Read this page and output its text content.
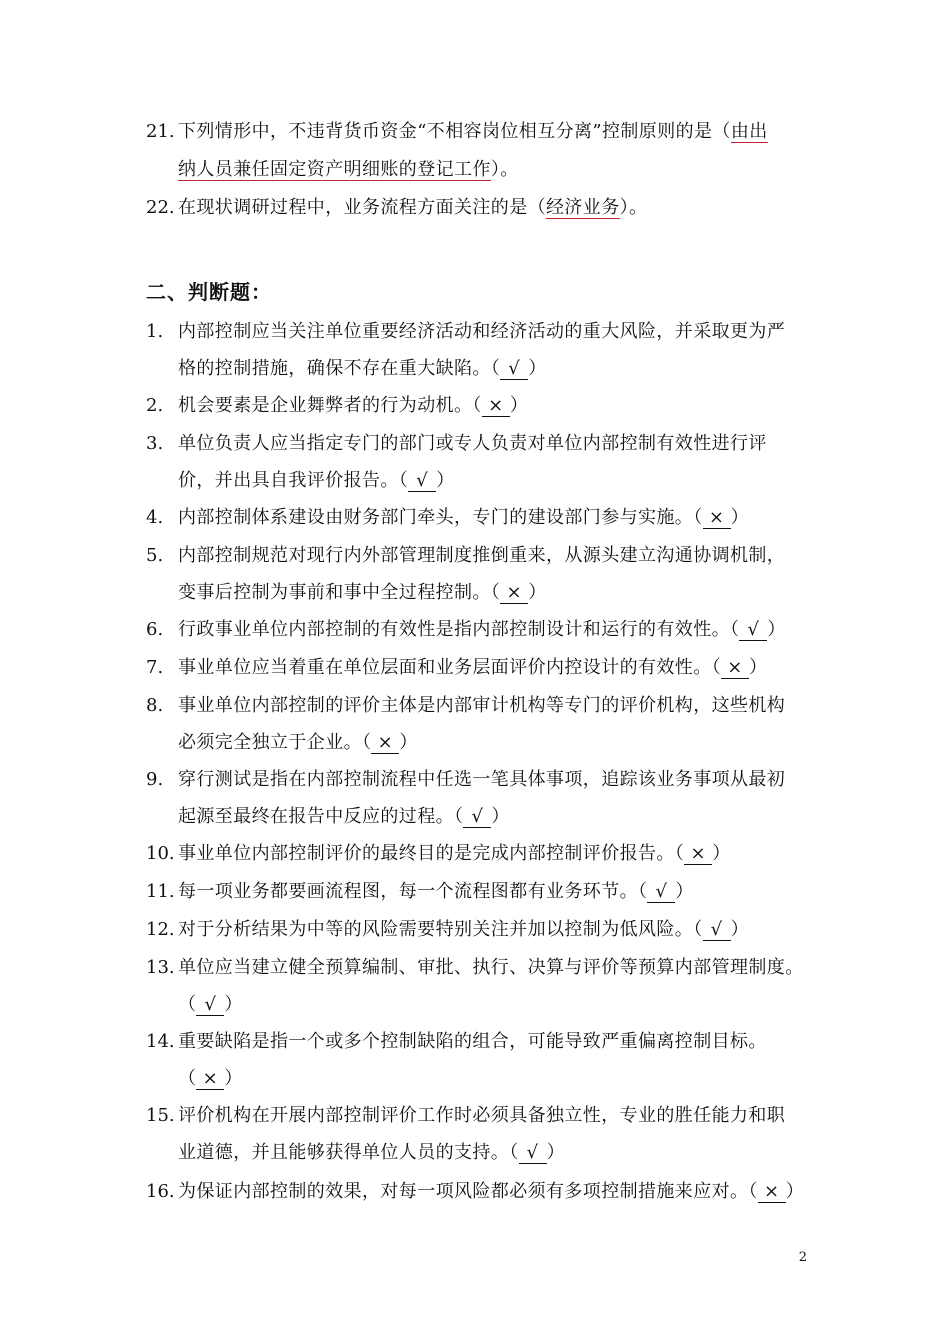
21. 下列情形中，不违背货币资金“不相容岗位相互分离”控制原则的是（由出
纳人员兼任固定资产明细账的登记工作）。
22. 在现状调研过程中，业务流程方面关注的是（经济业务）。
二、判断题：
1. 内部控制应当关注单位重要经济活动和经济活动的重大风险，并采取更为严
格的控制措施，确保不存在重大缺陷。（ √ ）
2. 机会要素是企业舞弊者的行为动机。（ × ）
3. 单位负责人应当指定专门的部门或专人负责对单位内部控制有效性进行评
价，并出具自我评价报告。（ √ ）
4. 内部控制体系建设由财务部门牵头，专门的建设部门参与实施。（ × ）
5. 内部控制规范对现行内外部管理制度推倒重来，从源头建立沟通协调机制，
变事后控制为事前和事中全过程控制。（ × ）
6. 行政事业单位内部控制的有效性是指内部控制设计和运行的有效性。（ √ ）
7. 事业单位应当着重在单位层面和业务层面评价内控设计的有效性。（ × ）
8. 事业单位内部控制的评价主体是内部审计机构等专门的评价机构，这些机构
必须完全独立于企业。（ × ）
9. 穿行测试是指在内部控制流程中任选一笔具体事项，追踪该业务事项从最初
起源至最终在报告中反应的过程。（ √ ）
10. 事业单位内部控制评价的最终目的是完成内部控制评价报告。（ × ）
11. 每一项业务都要画流程图，每一个流程图都有业务环节。（ √ ）
12. 对于分析结果为中等的风险需要特别关注并加以控制为低风险。（ √ ）
13. 单位应当建立健全预算编制、审批、执行、决算与评价等预算内部管理制度。
（ √ ）
14. 重要缺陷是指一个或多个控制缺陷的组合，可能导致严重偏离控制目标。
（ × ）
15. 评价机构在开展内部控制评价工作时必须具备独立性，专业的胜任能力和职
业道德，并且能够获得单位人员的支持。（ √ ）
16. 为保证内部控制的效果，对每一项风险都必须有多项控制措施来应对。（ × ）
2
